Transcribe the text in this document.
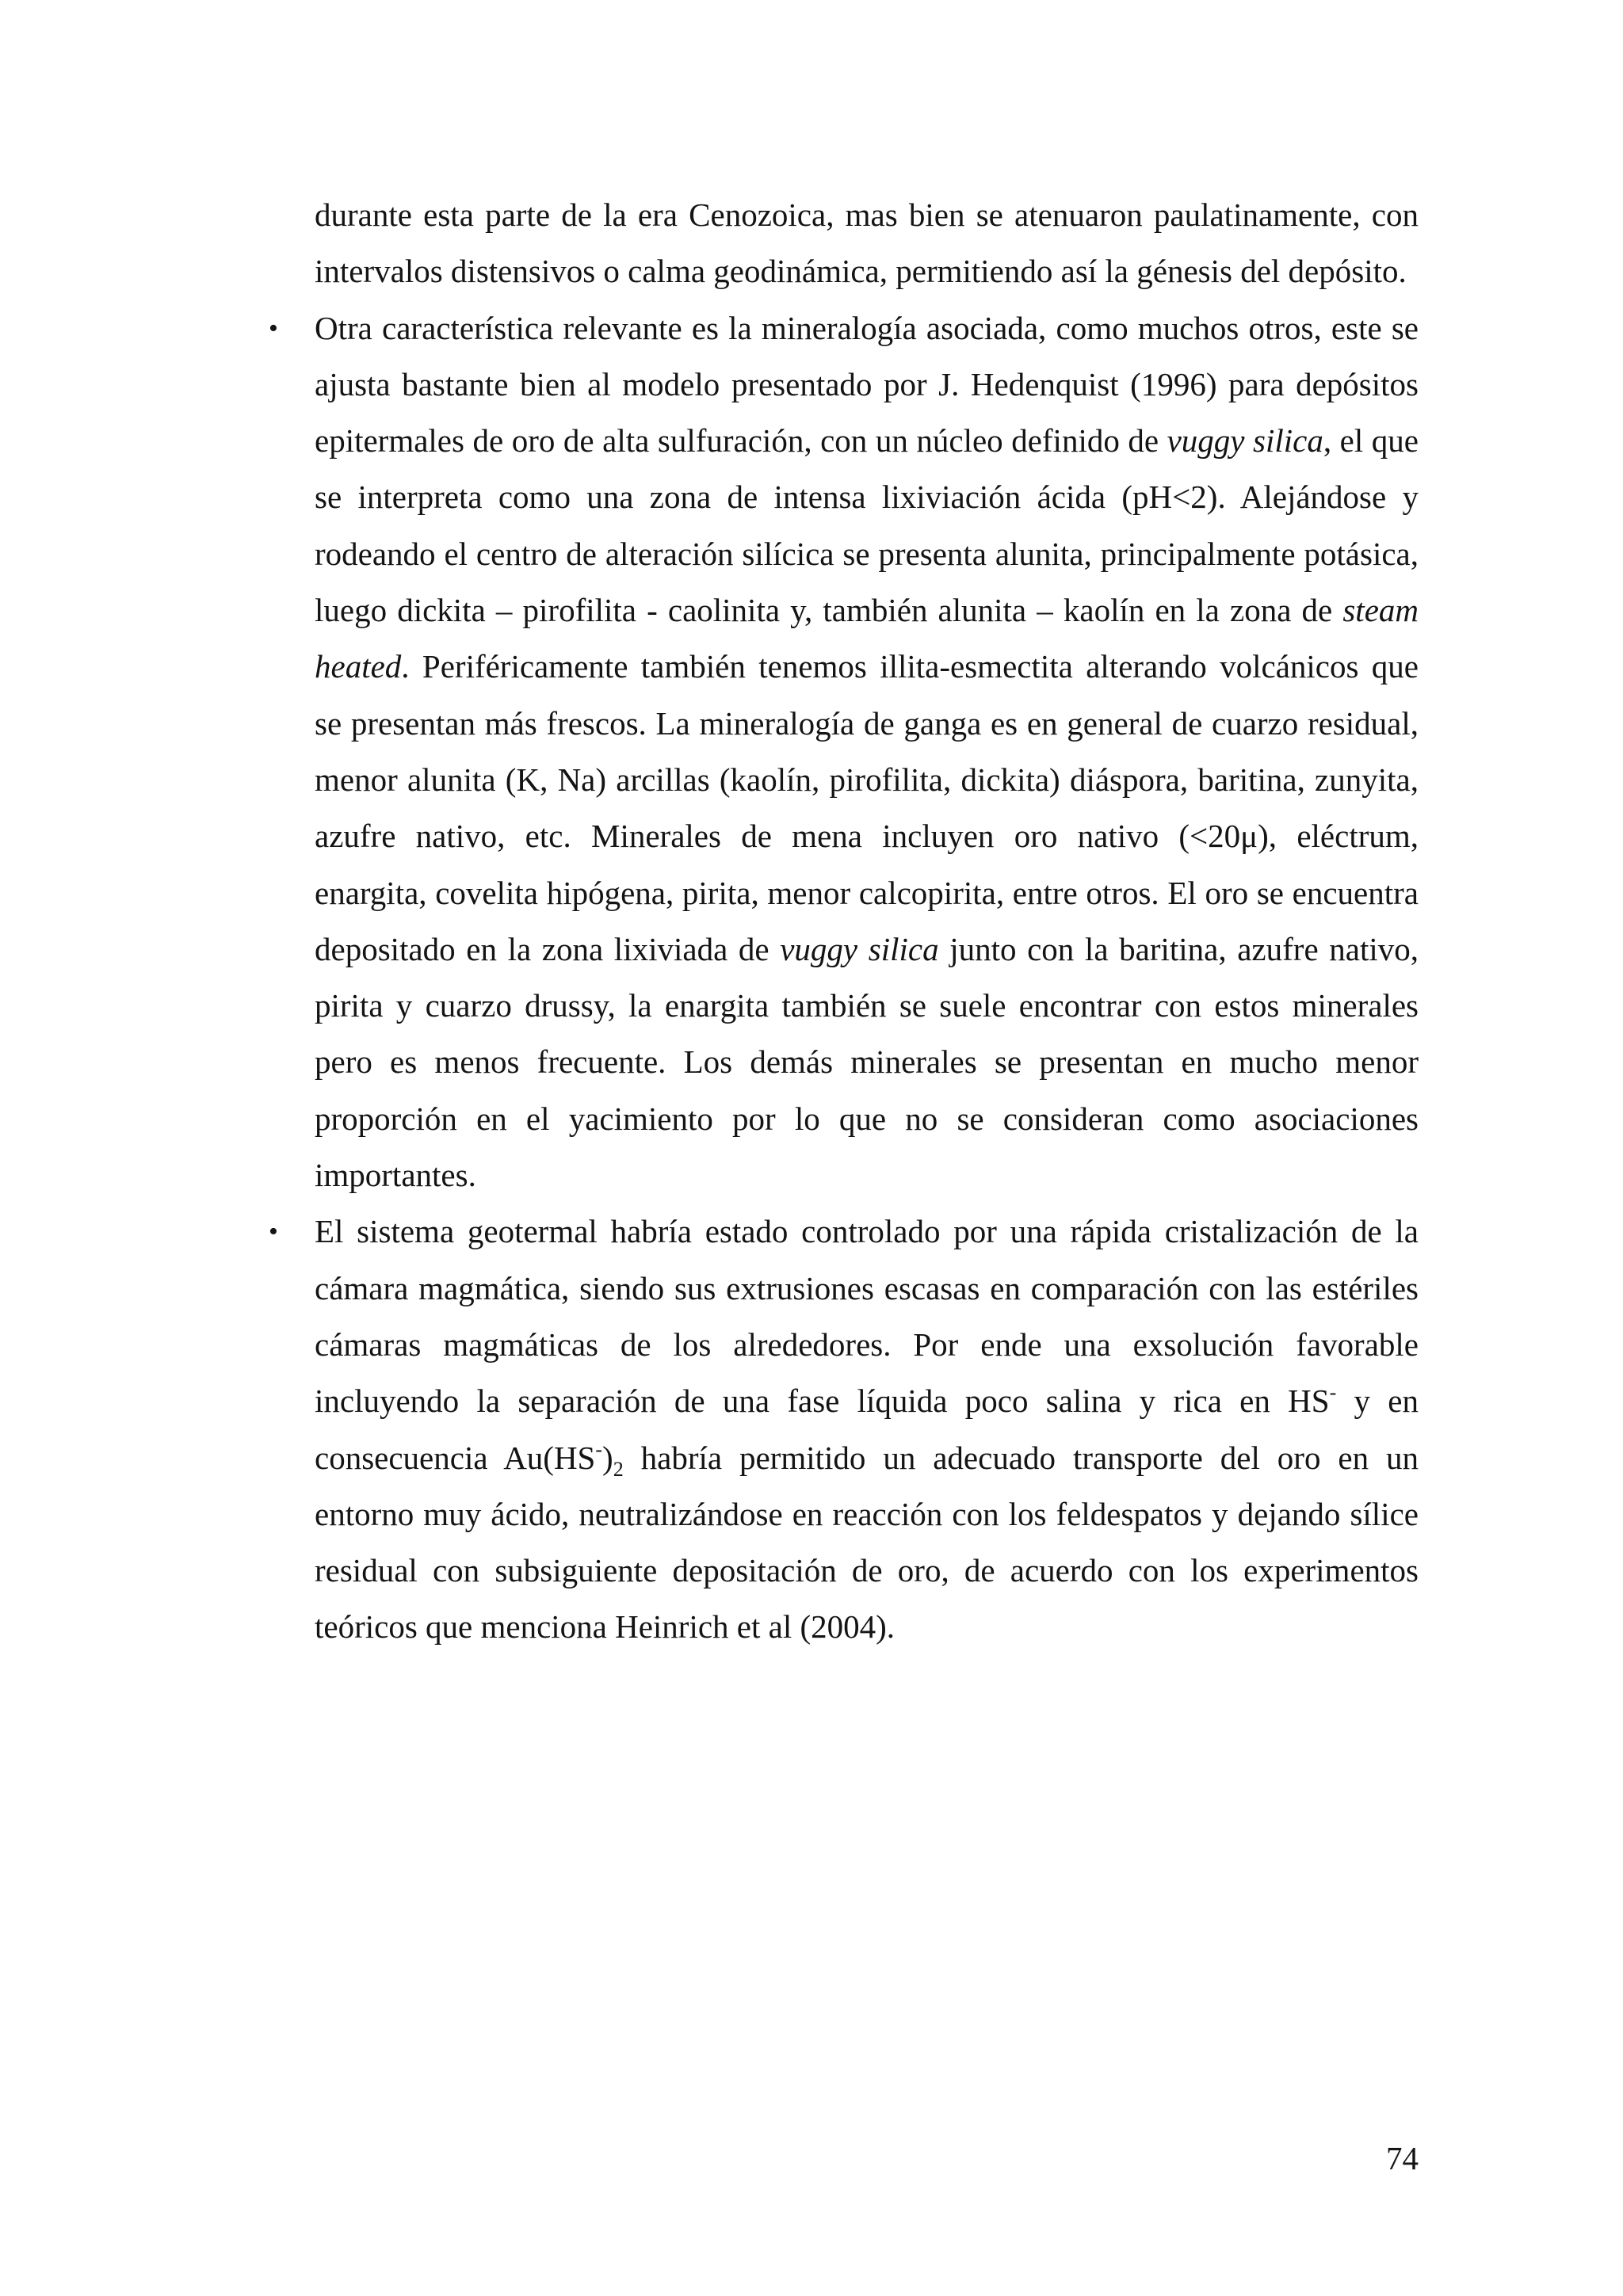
durante esta parte de la era Cenozoica, mas bien se atenuaron paulatinamente, con intervalos distensivos o calma geodinámica, permitiendo así la génesis del depósito.

• Otra característica relevante es la mineralogía asociada, como muchos otros, este se ajusta bastante bien al modelo presentado por J. Hedenquist (1996) para depósitos epitermales de oro de alta sulfuración, con un núcleo definido de vuggy silica, el que se interpreta como una zona de intensa lixiviación ácida (pH<2). Alejándose y rodeando el centro de alteración silícica se presenta alunita, principalmente potásica, luego dickita – pirofilita - caolinita y, también alunita – kaolín en la zona de steam heated. Periféricamente también tenemos illita-esmectita alterando volcánicos que se presentan más frescos. La mineralogía de ganga es en general de cuarzo residual, menor alunita (K, Na) arcillas (kaolín, pirofilita, dickita) diáspora, baritina, zunyita, azufre nativo, etc. Minerales de mena incluyen oro nativo (<20μ), eléctrum, enargita, covelita hipógena, pirita, menor calcopirita, entre otros. El oro se encuentra depositado en la zona lixiviada de vuggy silica junto con la baritina, azufre nativo, pirita y cuarzo drussy, la enargita también se suele encontrar con estos minerales pero es menos frecuente. Los demás minerales se presentan en mucho menor proporción en el yacimiento por lo que no se consideran como asociaciones importantes.

• El sistema geotermal habría estado controlado por una rápida cristalización de la cámara magmática, siendo sus extrusiones escasas en comparación con las estériles cámaras magmáticas de los alrededores. Por ende una exsolución favorable incluyendo la separación de una fase líquida poco salina y rica en HS- y en consecuencia $Au(HS^-)_2$ habría permitido un adecuado transporte del oro en un entorno muy ácido, neutralizándose en reacción con los feldespatos y dejando sílice residual con subsiguiente depositación de oro, de acuerdo con los experimentos teóricos que menciona Heinrich et al (2004).

74
